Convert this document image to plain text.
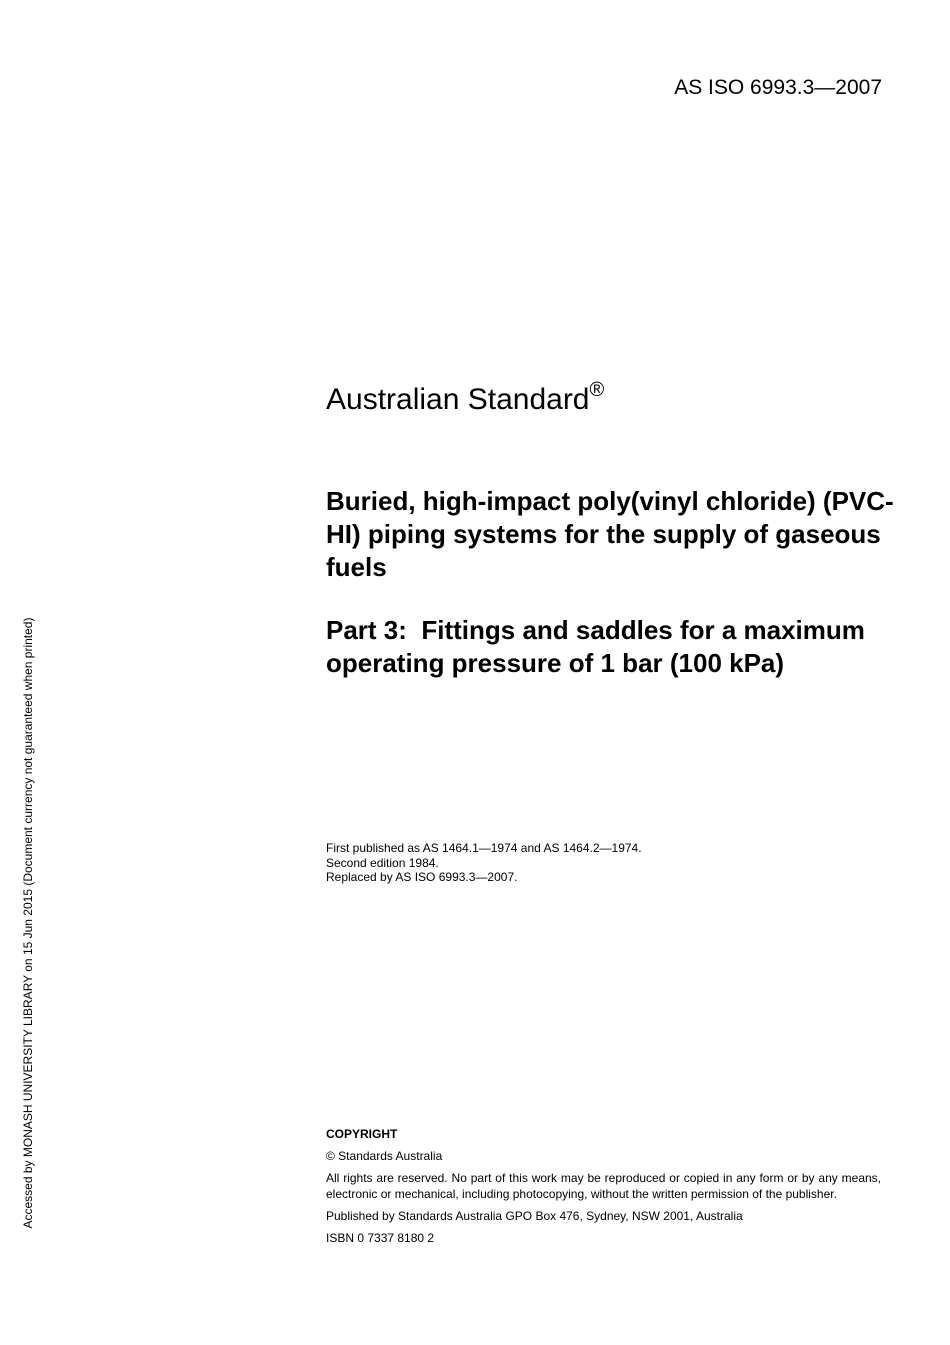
AS ISO 6993.3—2007
Australian Standard®
Buried, high-impact poly(vinyl chloride) (PVC-HI) piping systems for the supply of gaseous fuels
Part 3:  Fittings and saddles for a maximum operating pressure of 1 bar (100 kPa)
First published as AS 1464.1—1974 and AS 1464.2—1974.
Second edition 1984.
Replaced by AS ISO 6993.3—2007.
COPYRIGHT
© Standards Australia
All rights are reserved. No part of this work may be reproduced or copied in any form or by any means, electronic or mechanical, including photocopying, without the written permission of the publisher.
Published by Standards Australia GPO Box 476, Sydney, NSW 2001, Australia
ISBN 0 7337 8180 2
Accessed by MONASH UNIVERSITY LIBRARY on 15 Jun 2015 (Document currency not guaranteed when printed)
